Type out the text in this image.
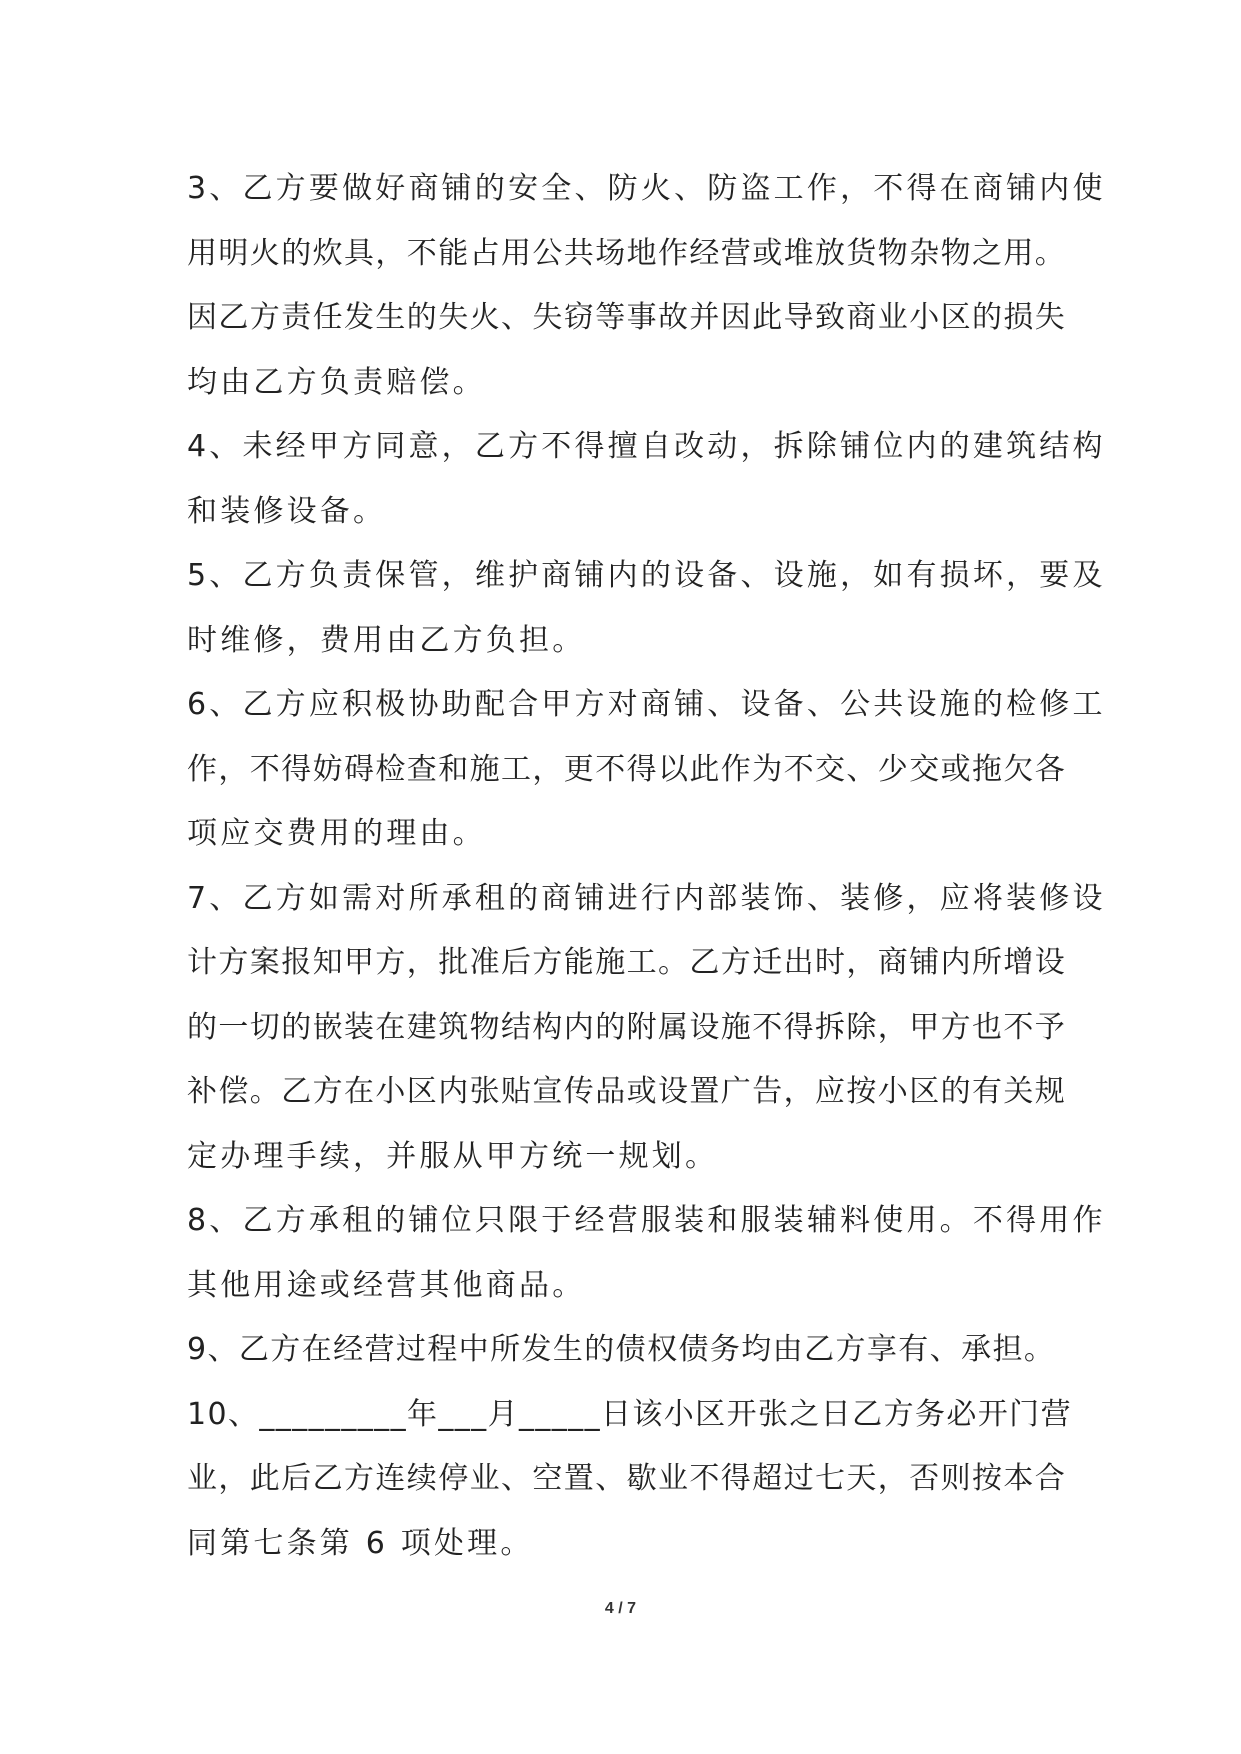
3、乙方要做好商铺的安全、防火、防盗工作，不得在商铺内使
用明火的炊具，不能占用公共场地作经营或堆放货物杂物之用。
因乙方责任发生的失火、失窃等事故并因此导致商业小区的损失
均由乙方负责赔偿。
4、未经甲方同意，乙方不得擅自改动，拆除铺位内的建筑结构
和装修设备。
5、乙方负责保管，维护商铺内的设备、设施，如有损坏，要及
时维修，费用由乙方负担。
6、乙方应积极协助配合甲方对商铺、设备、公共设施的检修工
作，不得妨碍检查和施工，更不得以此作为不交、少交或拖欠各
项应交费用的理由。
7、乙方如需对所承租的商铺进行内部装饰、装修，应将装修设
计方案报知甲方，批准后方能施工。乙方迁出时，商铺内所增设
的一切的嵌装在建筑物结构内的附属设施不得拆除，甲方也不予
补偿。乙方在小区内张贴宣传品或设置广告，应按小区的有关规
定办理手续，并服从甲方统一规划。
8、乙方承租的铺位只限于经营服装和服装辅料使用。不得用作
其他用途或经营其他商品。
9、乙方在经营过程中所发生的债权债务均由乙方享有、承担。
10、_________年___月_____日该小区开张之日乙方务必开门营
业，此后乙方连续停业、空置、歇业不得超过七天，否则按本合
同第七条第 6 项处理。
4 / 7
